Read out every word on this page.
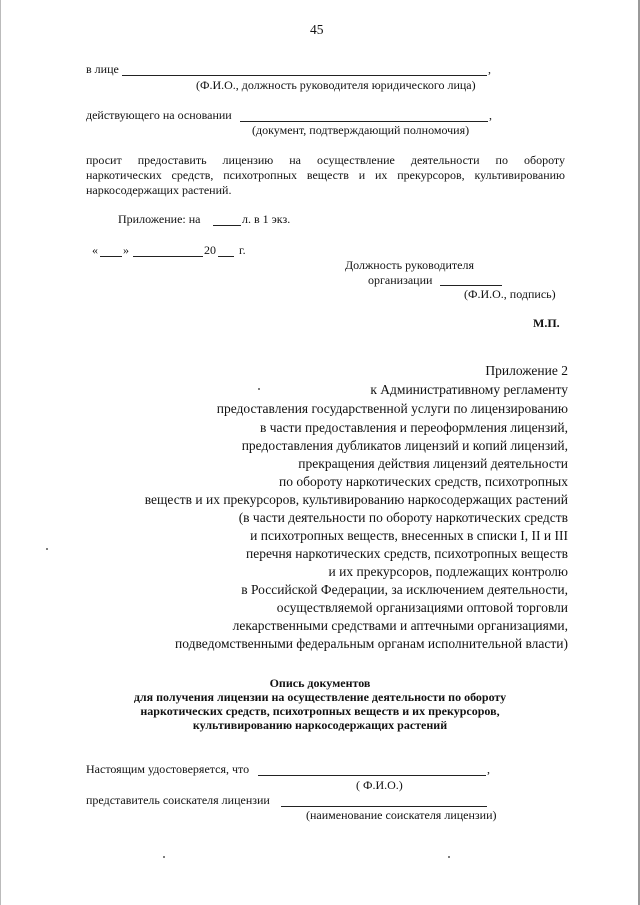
45
в лице	,
(Ф.И.О., должность руководителя юридического лица)
действующего на основании	,
(документ, подтверждающий полномочия)
просит предоставить лицензию на осуществление деятельности по обороту
наркотических средств, психотропных веществ и их прекурсоров, культивированию
наркосодержащих растений.
Приложение: на	л. в 1 экз.
« »	20 г.
Должность руководителя
организации
(Ф.И.О., подпись)
М.П.
Приложение 2
к Административному регламенту
предоставления государственной услуги по лицензированию
в части предоставления и переоформления лицензий,
предоставления дубликатов лицензий и копий лицензий,
прекращения действия лицензий деятельности
по обороту наркотических средств, психотропных
веществ и их прекурсоров, культивированию наркосодержащих растений
(в части деятельности по обороту наркотических средств
и психотропных веществ, внесенных в списки I, II и III
перечня наркотических средств, психотропных веществ
и их прекурсоров, подлежащих контролю
в Российской Федерации, за исключением деятельности,
осуществляемой организациями оптовой торговли
лекарственными средствами и аптечными организациями,
подведомственными федеральным органам исполнительной власти)
Опись документов
для получения лицензии на осуществление деятельности по обороту
наркотических средств, психотропных веществ и их прекурсоров,
культивированию наркосодержащих растений
Настоящим удостоверяется, что	,
( Ф.И.О.)
представитель соискателя лицензии
(наименование соискателя лицензии)
